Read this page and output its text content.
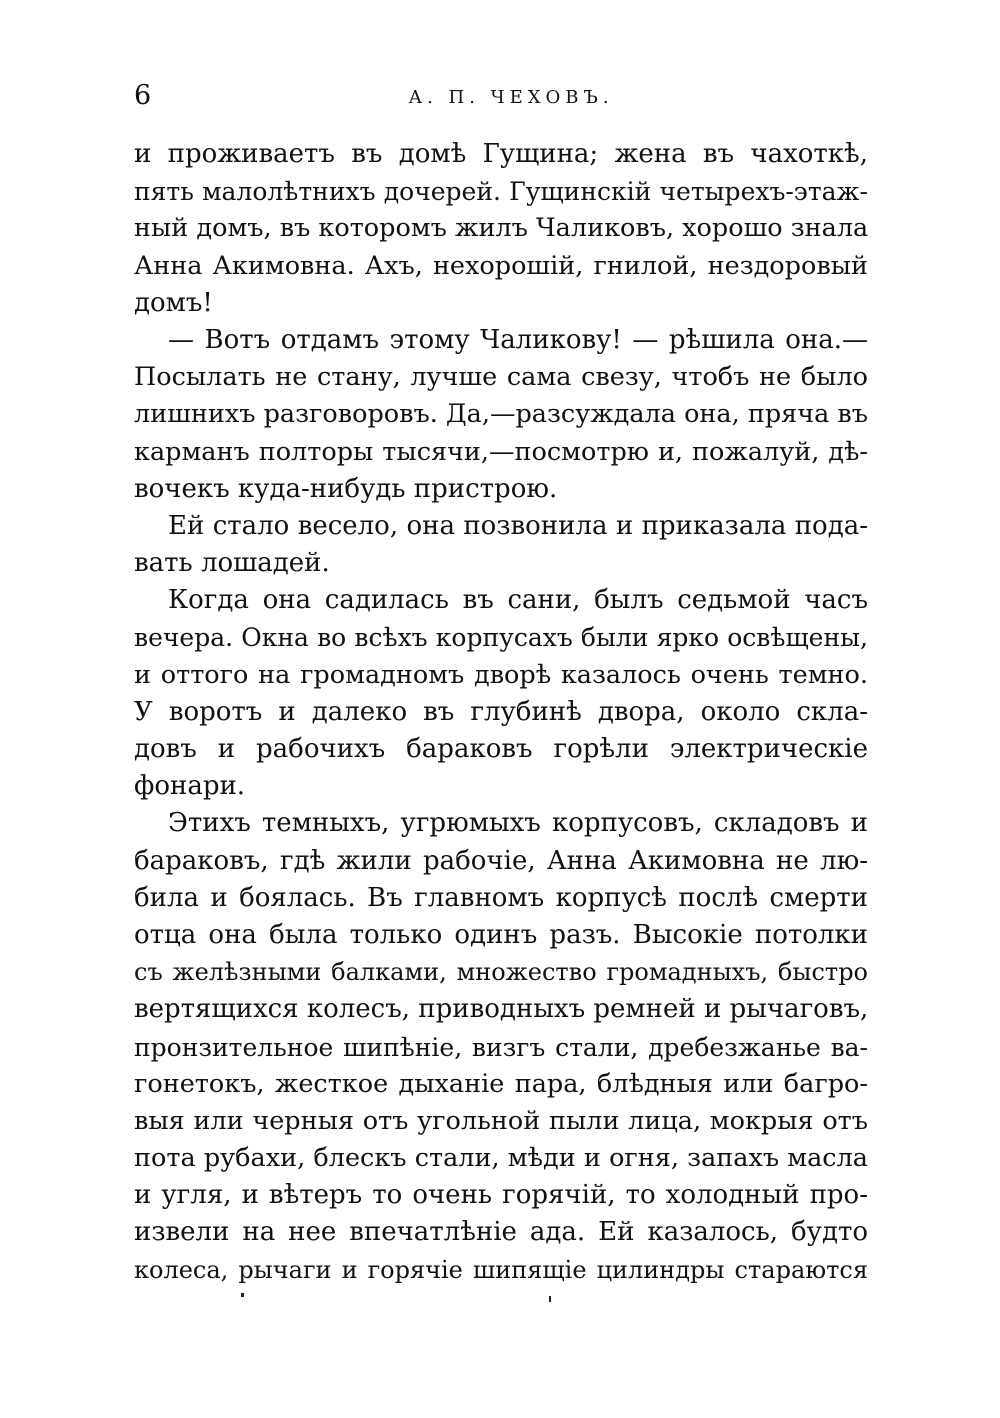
6	А. П. ЧЕХОВЪ.
и проживаетъ въ домѣ Гущина; жена въ чахоткѣ,
пять малолѣтнихъ дочерей. Гущинскій четырехъ-этаж-
ный домъ, въ которомъ жилъ Чаликовъ, хорошо знала
Анна Акимовна. Ахъ, нехорошій, гнилой, нездоровый
домъ!
— Вотъ отдамъ этому Чаликову! — рѣшила она.—
Посылать не стану, лучше сама свезу, чтобъ не было
лишнихъ разговоровъ. Да,—разсуждала она, пряча въ
карманъ полторы тысячи,—посмотрю и, пожалуй, дѣ-
вочекъ куда-нибудь пристрою.
Ей стало весело, она позвонила и приказала пода-
вать лошадей.
Когда она садилась въ сани, былъ седьмой часъ
вечера. Окна во всѣхъ корпусахъ были ярко освѣщены,
и оттого на громадномъ дворѣ казалось очень темно.
У воротъ и далеко въ глубинѣ двора, около скла-
довъ и рабочихъ бараковъ горѣли электрическіе
фонари.
Этихъ темныхъ, угрюмыхъ корпусовъ, складовъ и
бараковъ, гдѣ жили рабочіе, Анна Акимовна не лю-
била и боялась. Въ главномъ корпусѣ послѣ смерти
отца она была только одинъ разъ. Высокіе потолки
съ желѣзными балками, множество громадныхъ, быстро
вертящихся колесъ, приводныхъ ремней и рычаговъ,
пронзительное шипѣніе, визгъ стали, дребезжанье ва-
гонетокъ, жесткое дыханіе пара, блѣдныя или багро-
выя или черныя отъ угольной пыли лица, мокрыя отъ
пота рубахи, блескъ стали, мѣди и огня, запахъ масла
и угля, и вѣтеръ то очень горячій, то холодный про-
извели на нее впечатлѣніе ада. Ей казалось, будто
колеса, рычаги и горячіе шипящіе цилиндры стараются
